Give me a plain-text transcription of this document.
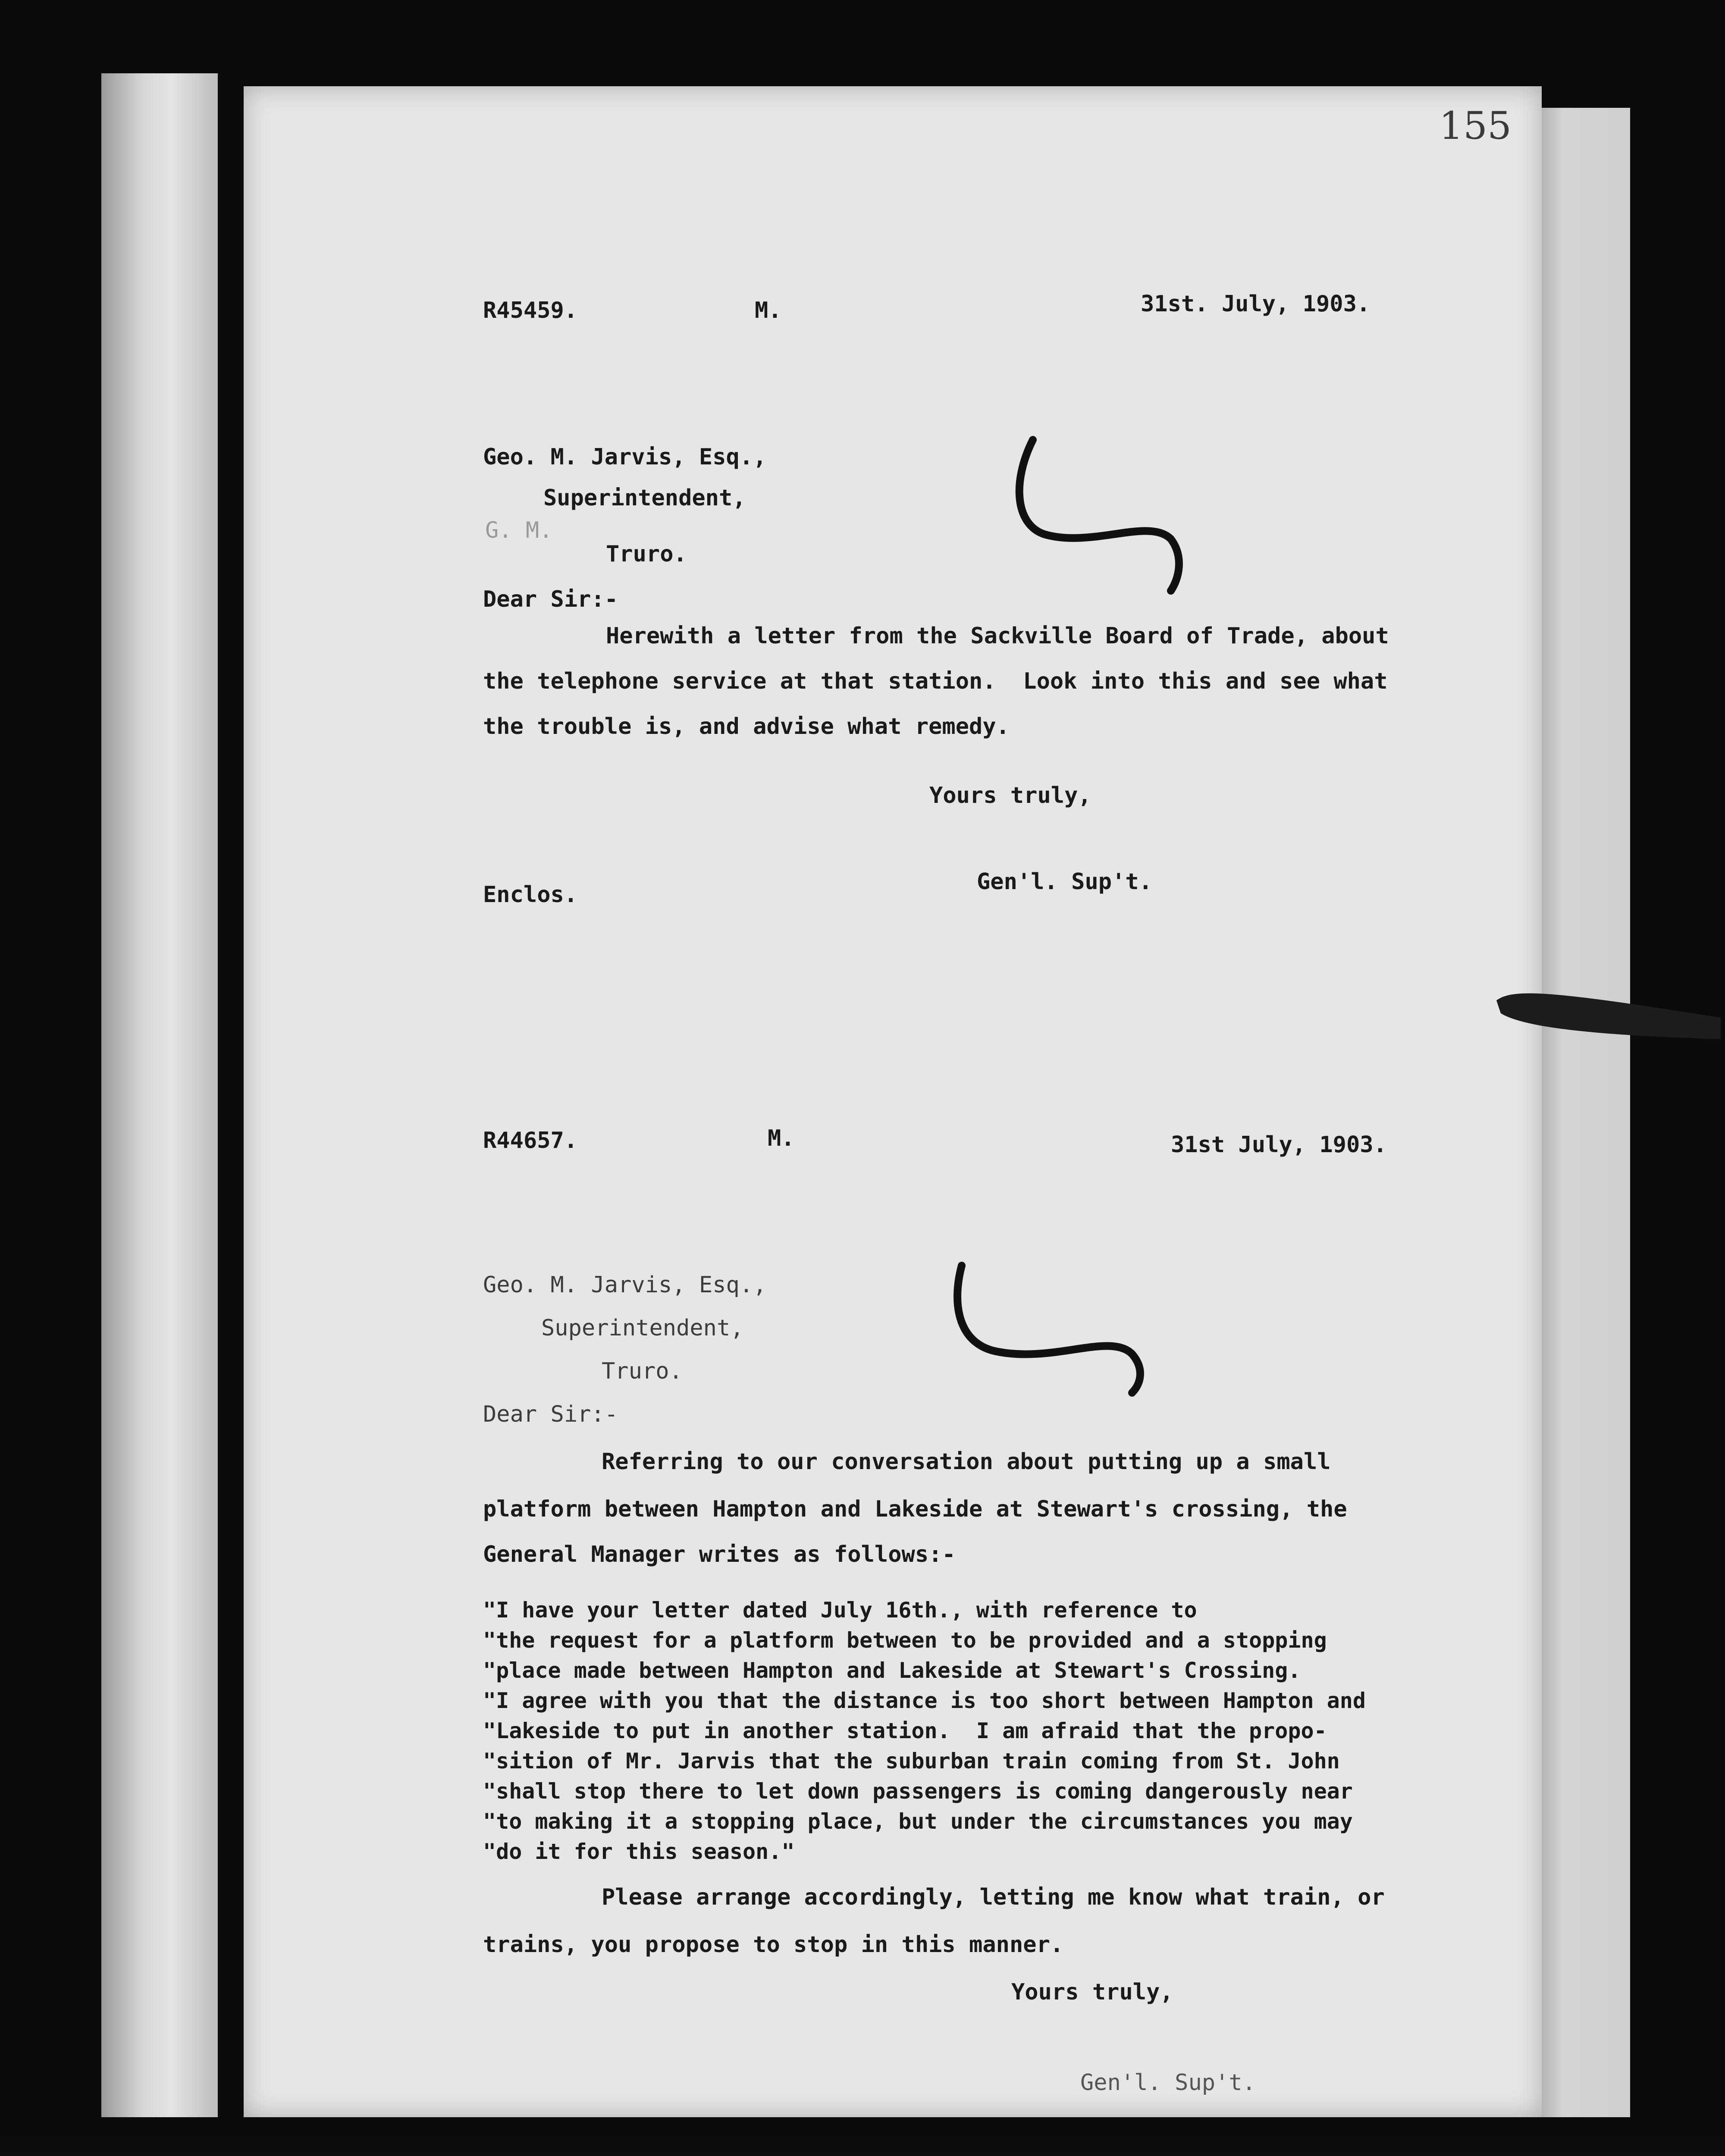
155
R45459.	M.	31st. July, 1903.
Geo. M. Jarvis, Esq.,
Superintendent,
G. M.
Truro.
Dear Sir:-
Herewith a letter from the Sackville Board of Trade, about
the telephone service at that station.  Look into this and see what
the trouble is, and advise what remedy.
Yours truly,
Enclos.	Gen'l. Sup't.
R44657.	M.	31st July, 1903.
Geo. M. Jarvis, Esq.,
Superintendent,
Truro.
Dear Sir:-
Referring to our conversation about putting up a small
platform between Hampton and Lakeside at Stewart's crossing, the
General Manager writes as follows:-
"I have your letter dated July 16th., with reference to
"the request for a platform between to be provided and a stopping
"place made between Hampton and Lakeside at Stewart's Crossing.
"I agree with you that the distance is too short between Hampton and
"Lakeside to put in another station.  I am afraid that the propo-
"sition of Mr. Jarvis that the suburban train coming from St. John
"shall stop there to let down passengers is coming dangerously near
"to making it a stopping place, but under the circumstances you may
"do it for this season."
Please arrange accordingly, letting me know what train, or
trains, you propose to stop in this manner.
Yours truly,
Gen'l. Sup't.
